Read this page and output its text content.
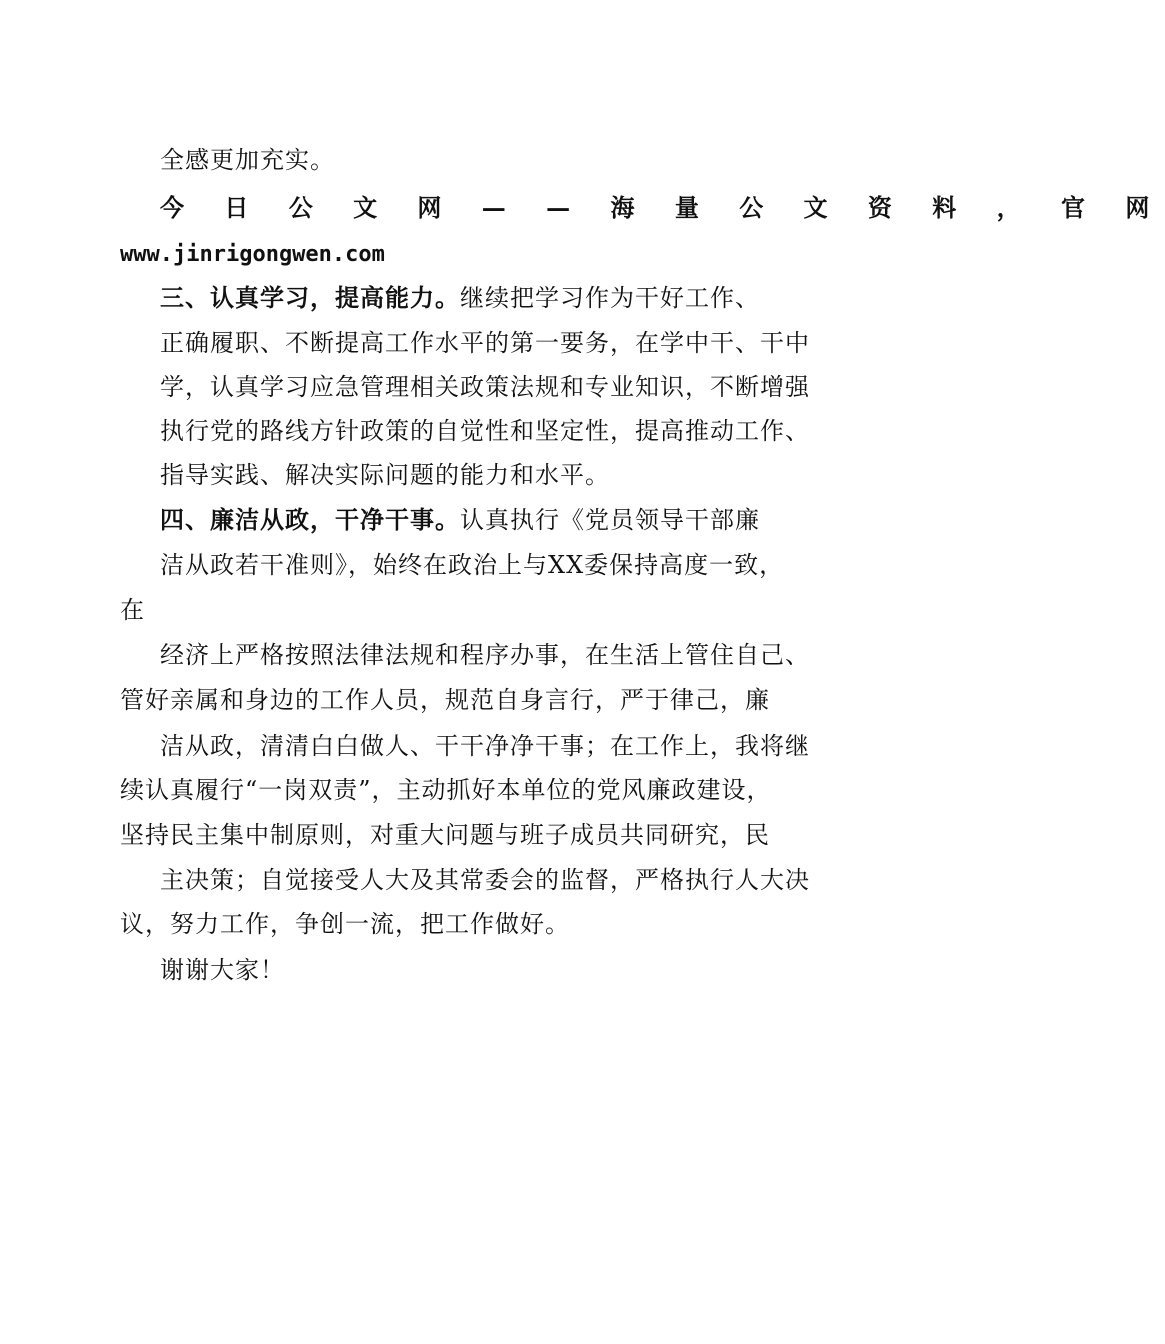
全感更加充实。
今 日 公 文 网 — — 海 量 公 文 资 料 ， 官 网
www.jinrigongwen.com
三、认真学习，提高能力。继续把学习作为干好工作、
正确履职、不断提高工作水平的第一要务，在学中干、干中
学，认真学习应急管理相关政策法规和专业知识，不断增强
执行党的路线方针政策的自觉性和坚定性，提高推动工作、
指导实践、解决实际问题的能力和水平。
四、廉洁从政，干净干事。认真执行《党员领导干部廉
洁从政若干准则》，始终在政治上与XX委保持高度一致，
在
经济上严格按照法律法规和程序办事，在生活上管住自己、
管好亲属和身边的工作人员，规范自身言行，严于律己，廉
洁从政，清清白白做人、干干净净干事；在工作上，我将继
续认真履行“一岗双责”，主动抓好本单位的党风廉政建设，
坚持民主集中制原则，对重大问题与班子成员共同研究，民
主决策；自觉接受人大及其常委会的监督，严格执行人大决
议，努力工作，争创一流，把工作做好。
谢谢大家！
